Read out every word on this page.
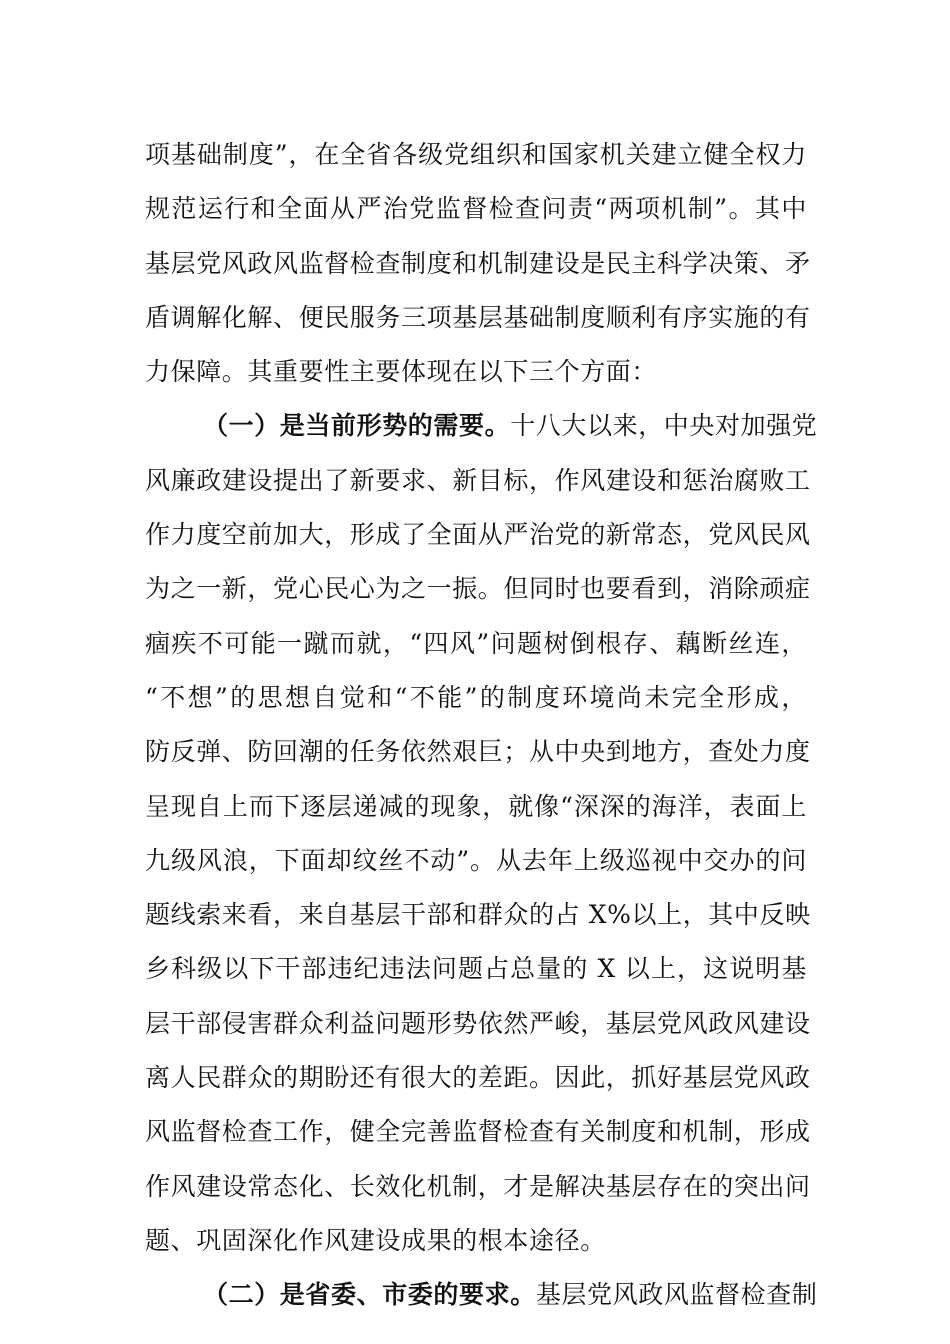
项基础制度”，在全省各级党组织和国家机关建立健全权力
规范运行和全面从严治党监督检查问责“两项机制”。其中
基层党风政风监督检查制度和机制建设是民主科学决策、矛
盾调解化解、便民服务三项基层基础制度顺利有序实施的有
力保障。其重要性主要体现在以下三个方面：
（一）是当前形势的需要。十八大以来，中央对加强党
风廉政建设提出了新要求、新目标，作风建设和惩治腐败工
作力度空前加大，形成了全面从严治党的新常态，党风民风
为之一新，党心民心为之一振。但同时也要看到，消除顽症
痼疾不可能一蹴而就，“四风”问题树倒根存、藕断丝连，
“不想”的思想自觉和“不能”的制度环境尚未完全形成，
防反弹、防回潮的任务依然艰巨；从中央到地方，查处力度
呈现自上而下逐层递减的现象，就像“深深的海洋，表面上
九级风浪，下面却纹丝不动”。从去年上级巡视中交办的问
题线索来看，来自基层干部和群众的占 X%以上，其中反映
乡科级以下干部违纪违法问题占总量的 X 以上，这说明基
层干部侵害群众利益问题形势依然严峻，基层党风政风建设
离人民群众的期盼还有很大的差距。因此，抓好基层党风政
风监督检查工作，健全完善监督检查有关制度和机制，形成
作风建设常态化、长效化机制，才是解决基层存在的突出问
题、巩固深化作风建设成果的根本途径。
（二）是省委、市委的要求。基层党风政风监督检查制
